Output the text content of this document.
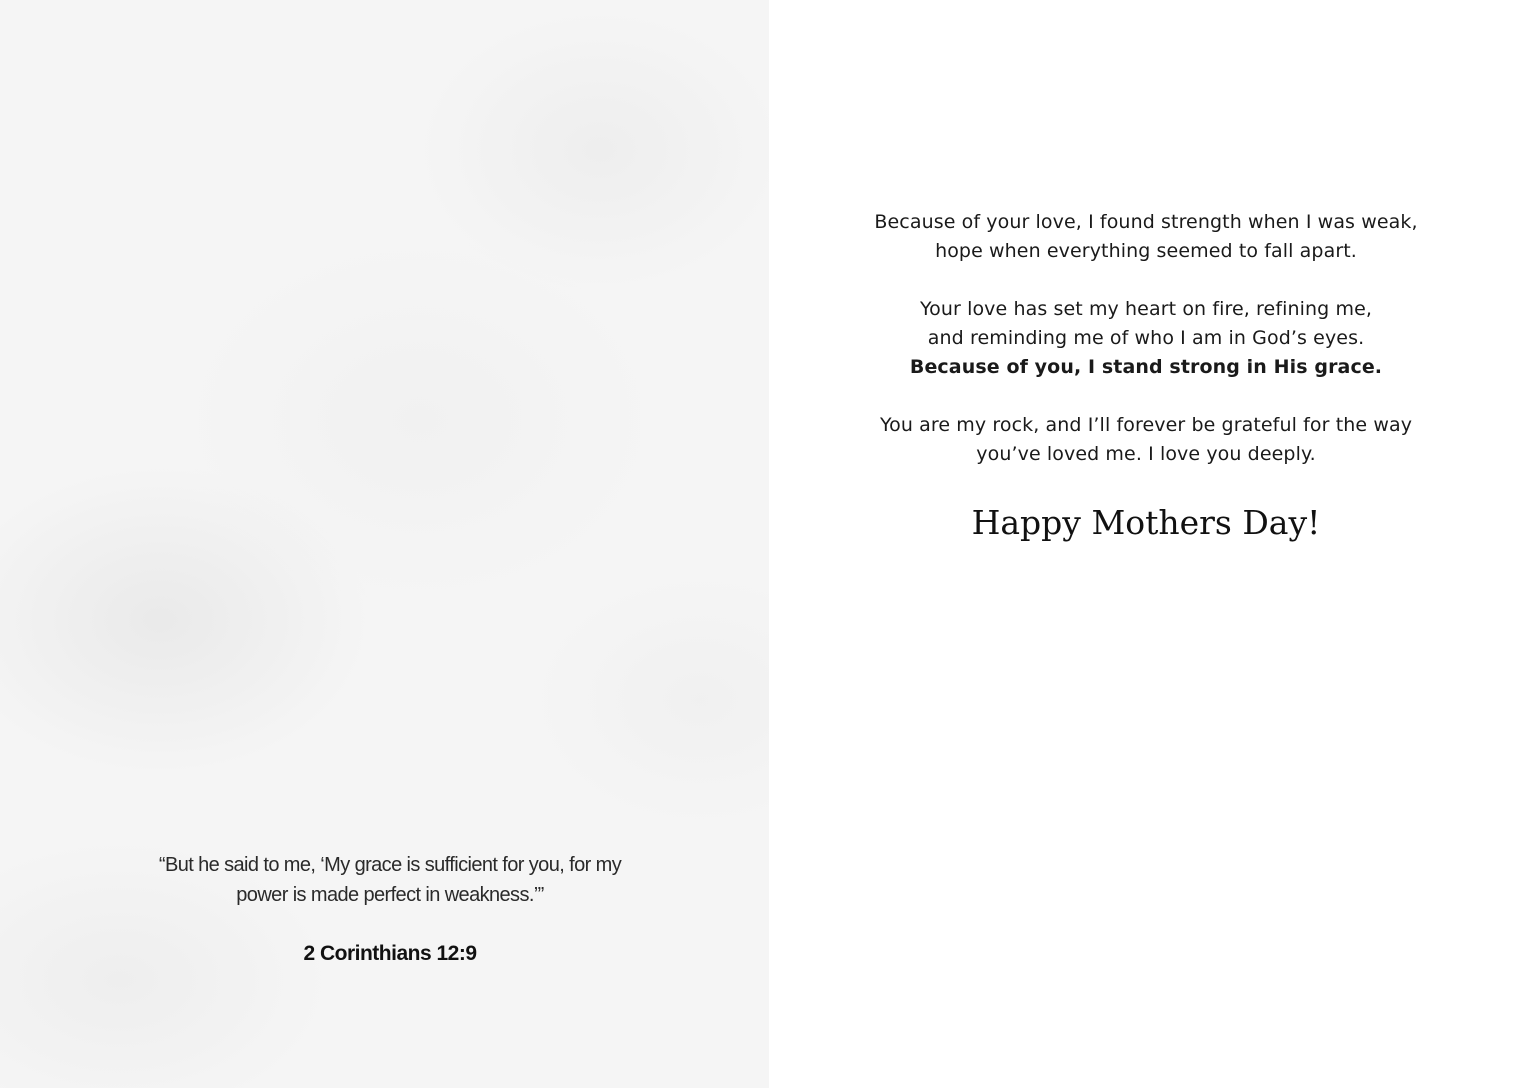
“But he said to me, ‘My grace is sufficient for you, for my

power is made perfect in weakness.’”

2 Corinthians 12:9
Because of your love, I found strength when I was weak,
hope when everything seemed to fall apart.
Your love has set my heart on fire, refining me,
and reminding me of who I am in God’s eyes.
Because of you, I stand strong in His grace.
You are my rock, and I’ll forever be grateful for the way
you’ve loved me. I love you deeply.
Happy Mothers Day!
